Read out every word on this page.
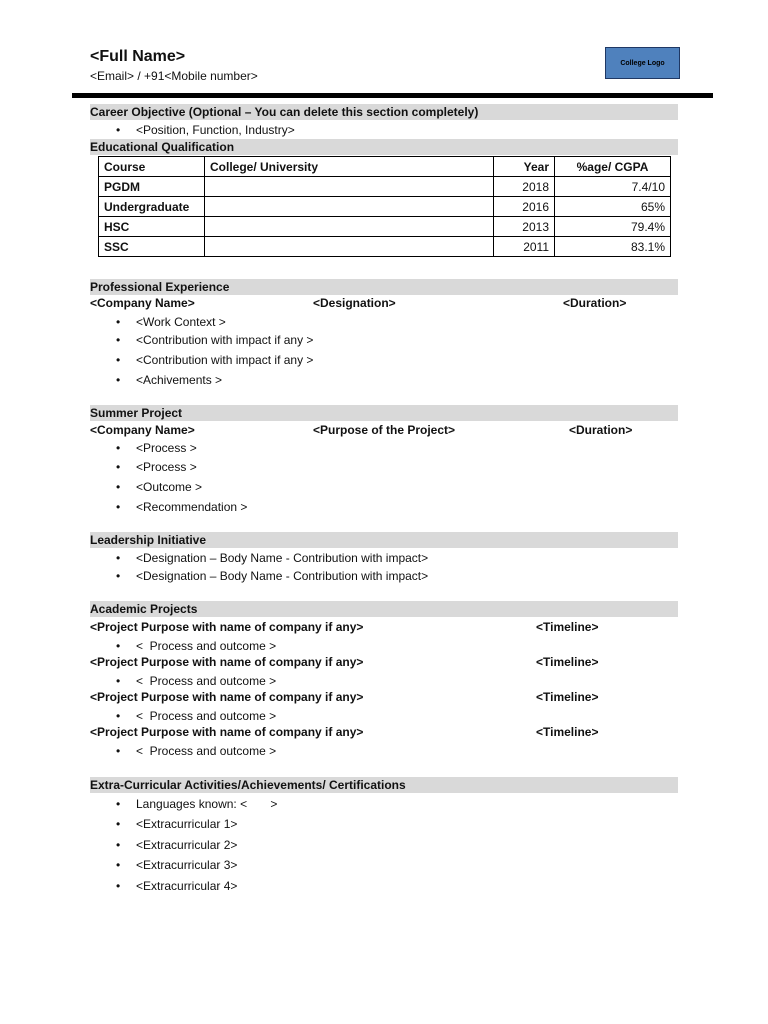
<Full Name>
<Email> / +91<Mobile number>
College Logo
Career Objective (Optional – You can delete this section completely)
• <Position, Function, Industry>
Educational Qualification
Course	College/ University	Year	%age/ CGPA
PGDM		2018	7.4/10
Undergraduate		2016	65%
HSC		2013	79.4%
SSC		2011	83.1%
Professional Experience
<Company Name>	<Designation>	<Duration>
• <Work Context >
• <Contribution with impact if any >
• <Contribution with impact if any >
• <Achivements >
Summer Project
<Company Name>	<Purpose of the Project>	<Duration>
• <Process >
• <Process >
• <Outcome >
• <Recommendation >
Leadership Initiative
• <Designation – Body Name - Contribution with impact>
• <Designation – Body Name - Contribution with impact>
Academic Projects
<Project Purpose with name of company if any>	<Timeline>
• <  Process and outcome >
<Project Purpose with name of company if any>	<Timeline>
• <  Process and outcome >
<Project Purpose with name of company if any>	<Timeline>
• <  Process and outcome >
<Project Purpose with name of company if any>	<Timeline>
• <  Process and outcome >
Extra-Curricular Activities/Achievements/ Certifications
• Languages known: <       >
• <Extracurricular 1>
• <Extracurricular 2>
• <Extracurricular 3>
• <Extracurricular 4>
